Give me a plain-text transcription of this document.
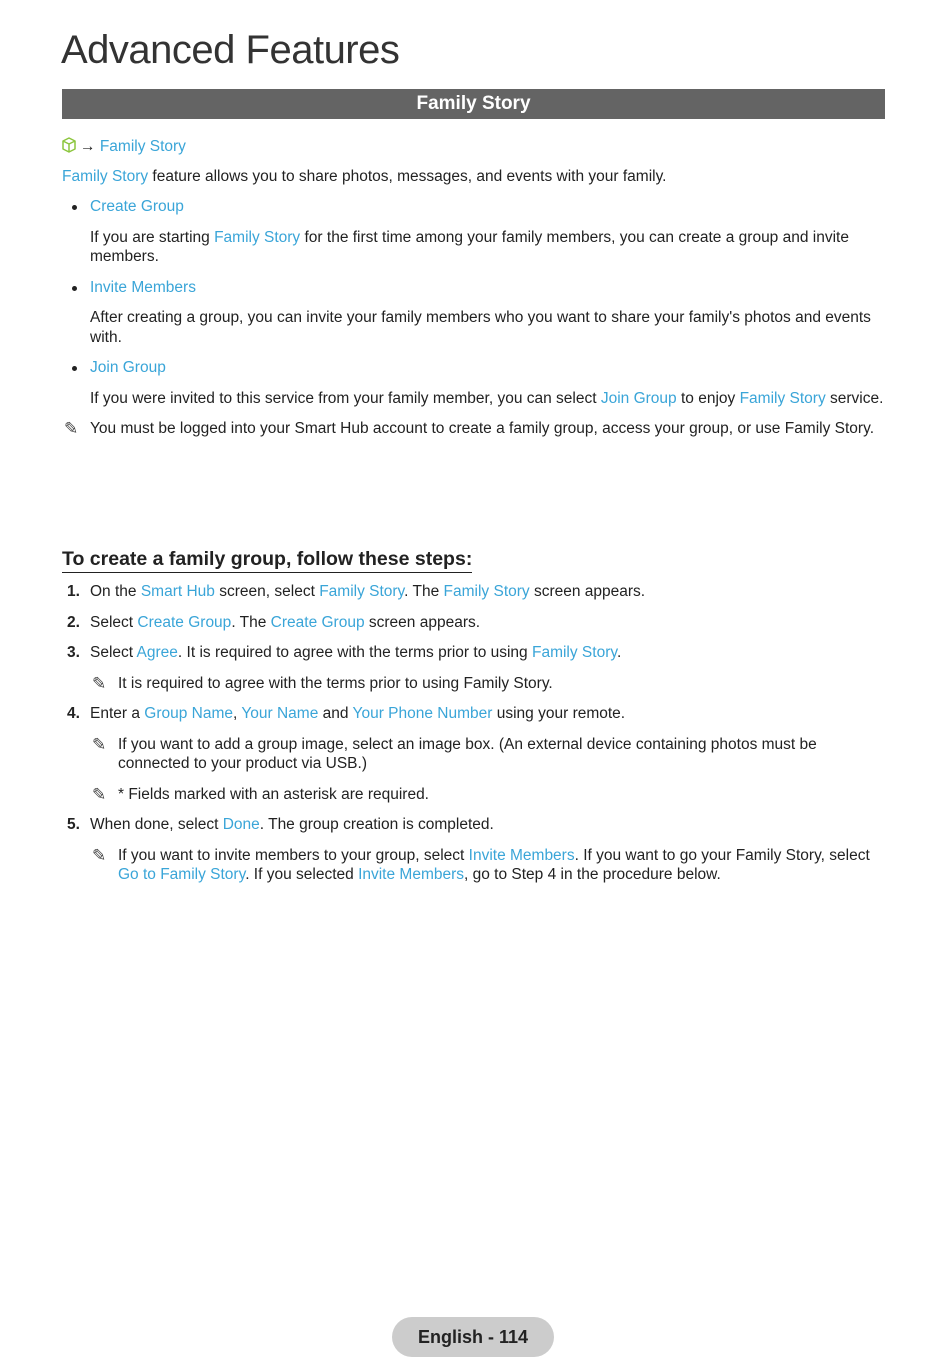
Advanced Features
Family Story
→ Family Story
Family Story feature allows you to share photos, messages, and events with your family.
Create Group
If you are starting Family Story for the first time among your family members, you can create a group and invite members.
Invite Members
After creating a group, you can invite your family members who you want to share your family's photos and events with.
Join Group
If you were invited to this service from your family member, you can select Join Group to enjoy Family Story service.
✎ You must be logged into your Smart Hub account to create a family group, access your group, or use Family Story.
To create a family group, follow these steps:
1. On the Smart Hub screen, select Family Story. The Family Story screen appears.
2. Select Create Group. The Create Group screen appears.
3. Select Agree. It is required to agree with the terms prior to using Family Story.
✎ It is required to agree with the terms prior to using Family Story.
4. Enter a Group Name, Your Name and Your Phone Number using your remote.
✎ If you want to add a group image, select an image box. (An external device containing photos must be connected to your product via USB.)
✎ * Fields marked with an asterisk are required.
5. When done, select Done. The group creation is completed.
✎ If you want to invite members to your group, select Invite Members. If you want to go your Family Story, select Go to Family Story. If you selected Invite Members, go to Step 4 in the procedure below.
English - 114
